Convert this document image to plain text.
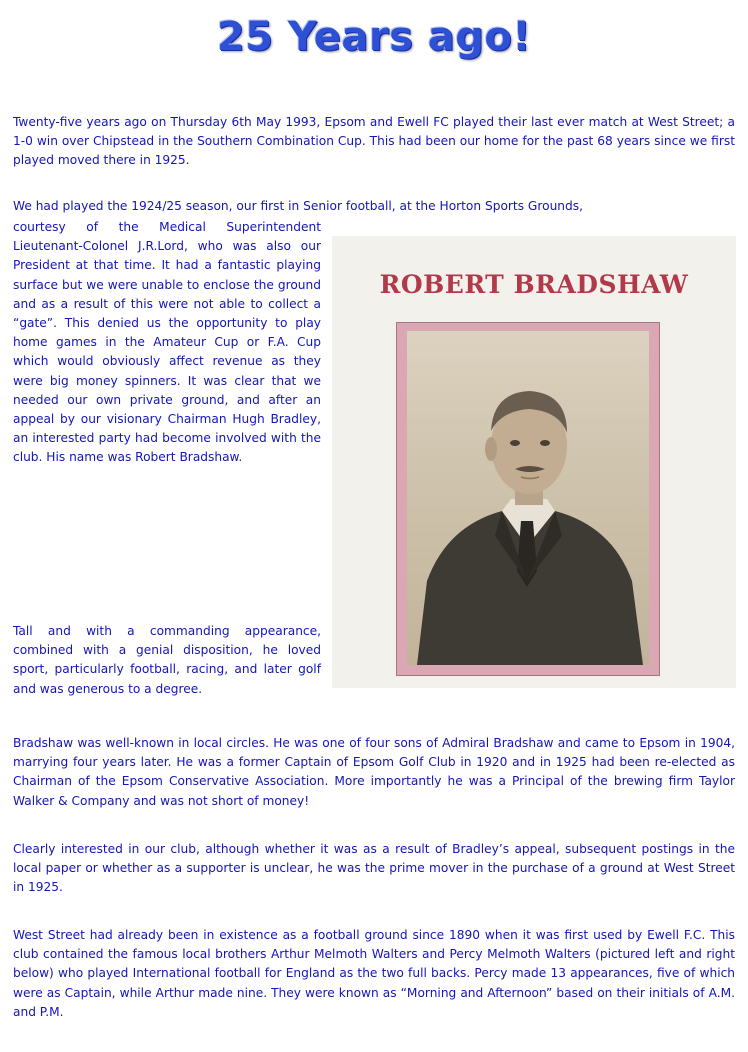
25 Years ago!

Twenty-five years ago on Thursday 6th May 1993, Epsom and Ewell FC played their last ever match at West Street; a 1-0 win over Chipstead in the Southern Combination Cup. This had been our home for the past 68 years since we first played moved there in 1925.

We had played the 1924/25 season, our first in Senior football, at the Horton Sports Grounds,

courtesy of the Medical Superintendent Lieutenant-Colonel J.R.Lord, who was also our President at that time. It had a fantastic playing surface but we were unable to enclose the ground and as a result of this were not able to collect a “gate”. This denied us the opportunity to play home games in the Amateur Cup or F.A. Cup which would obviously affect revenue as they were big money spinners. It was clear that we needed our own private ground, and after an appeal by our visionary Chairman Hugh Bradley, an interested party had become involved with the club. His name was Robert Bradshaw.

Tall and with a commanding appearance, combined with a genial disposition, he loved sport, particularly football, racing, and later golf and was generous to a degree.

ROBERT BRADSHAW

Bradshaw was well-known in local circles. He was one of four sons of Admiral Bradshaw and came to Epsom in 1904, marrying four years later. He was a former Captain of Epsom Golf Club in 1920 and in 1925 had been re-elected as Chairman of the Epsom Conservative Association. More importantly he was a Principal of the brewing firm Taylor Walker & Company and was not short of money!

Clearly interested in our club, although whether it was as a result of Bradley’s appeal, subsequent postings in the local paper or whether as a supporter is unclear, he was the prime mover in the purchase of a ground at West Street in 1925.

West Street had already been in existence as a football ground since 1890 when it was first used by Ewell F.C. This club contained the famous local brothers Arthur Melmoth Walters and Percy Melmoth Walters (pictured left and right below) who played International football for England as the two full backs. Percy made 13 appearances, five of which were as Captain, while Arthur made nine. They were known as “Morning and Afternoon” based on their initials of A.M. and P.M.
